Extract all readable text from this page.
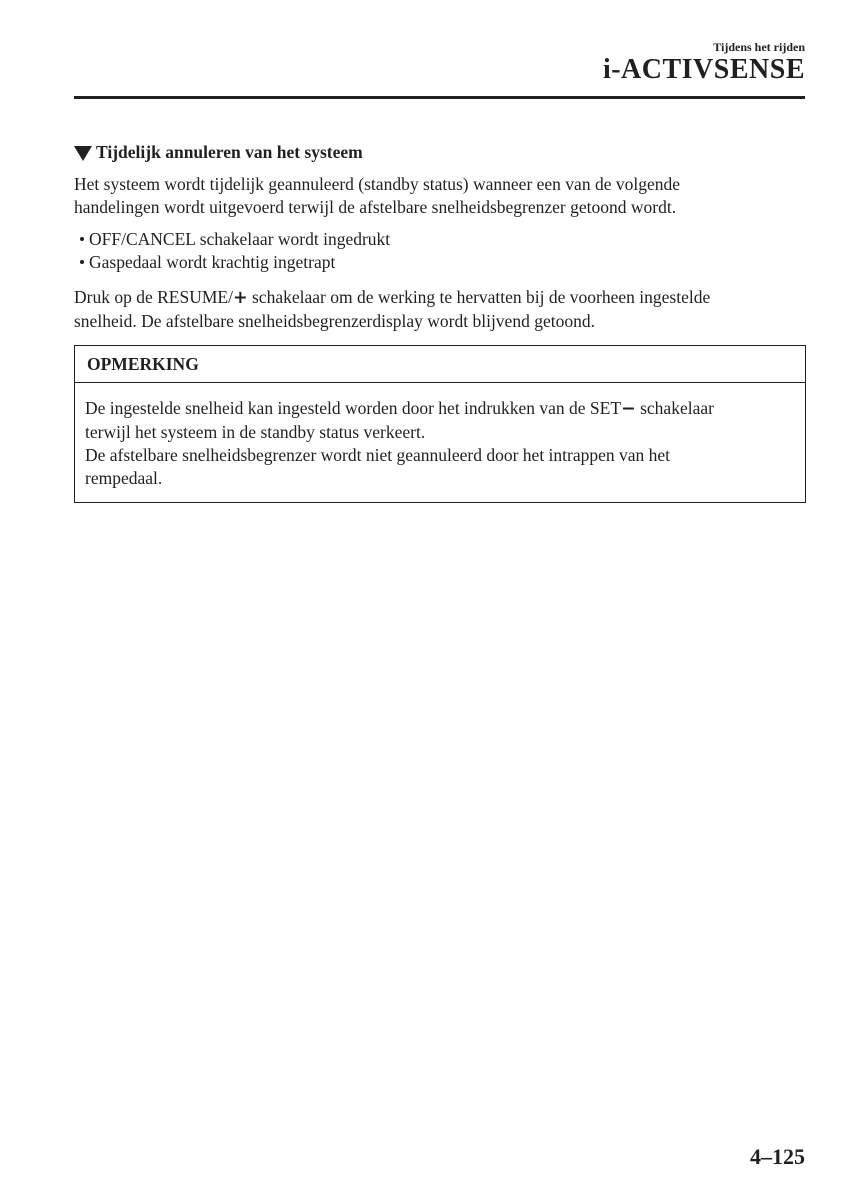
Tijdens het rijden
i-ACTIVSENSE
Tijdelijk annuleren van het systeem
Het systeem wordt tijdelijk geannuleerd (standby status) wanneer een van de volgende
handelingen wordt uitgevoerd terwijl de afstelbare snelheidsbegrenzer getoond wordt.
OFF/CANCEL schakelaar wordt ingedrukt
Gaspedaal wordt krachtig ingetrapt
Druk op de RESUME/+ schakelaar om de werking te hervatten bij de voorheen ingestelde
snelheid. De afstelbare snelheidsbegrenzerdisplay wordt blijvend getoond.
OPMERKING

De ingestelde snelheid kan ingesteld worden door het indrukken van de SET− schakelaar

terwijl het systeem in de standby status verkeert.

De afstelbare snelheidsbegrenzer wordt niet geannuleerd door het intrappen van het

rempedaal.

4–125
